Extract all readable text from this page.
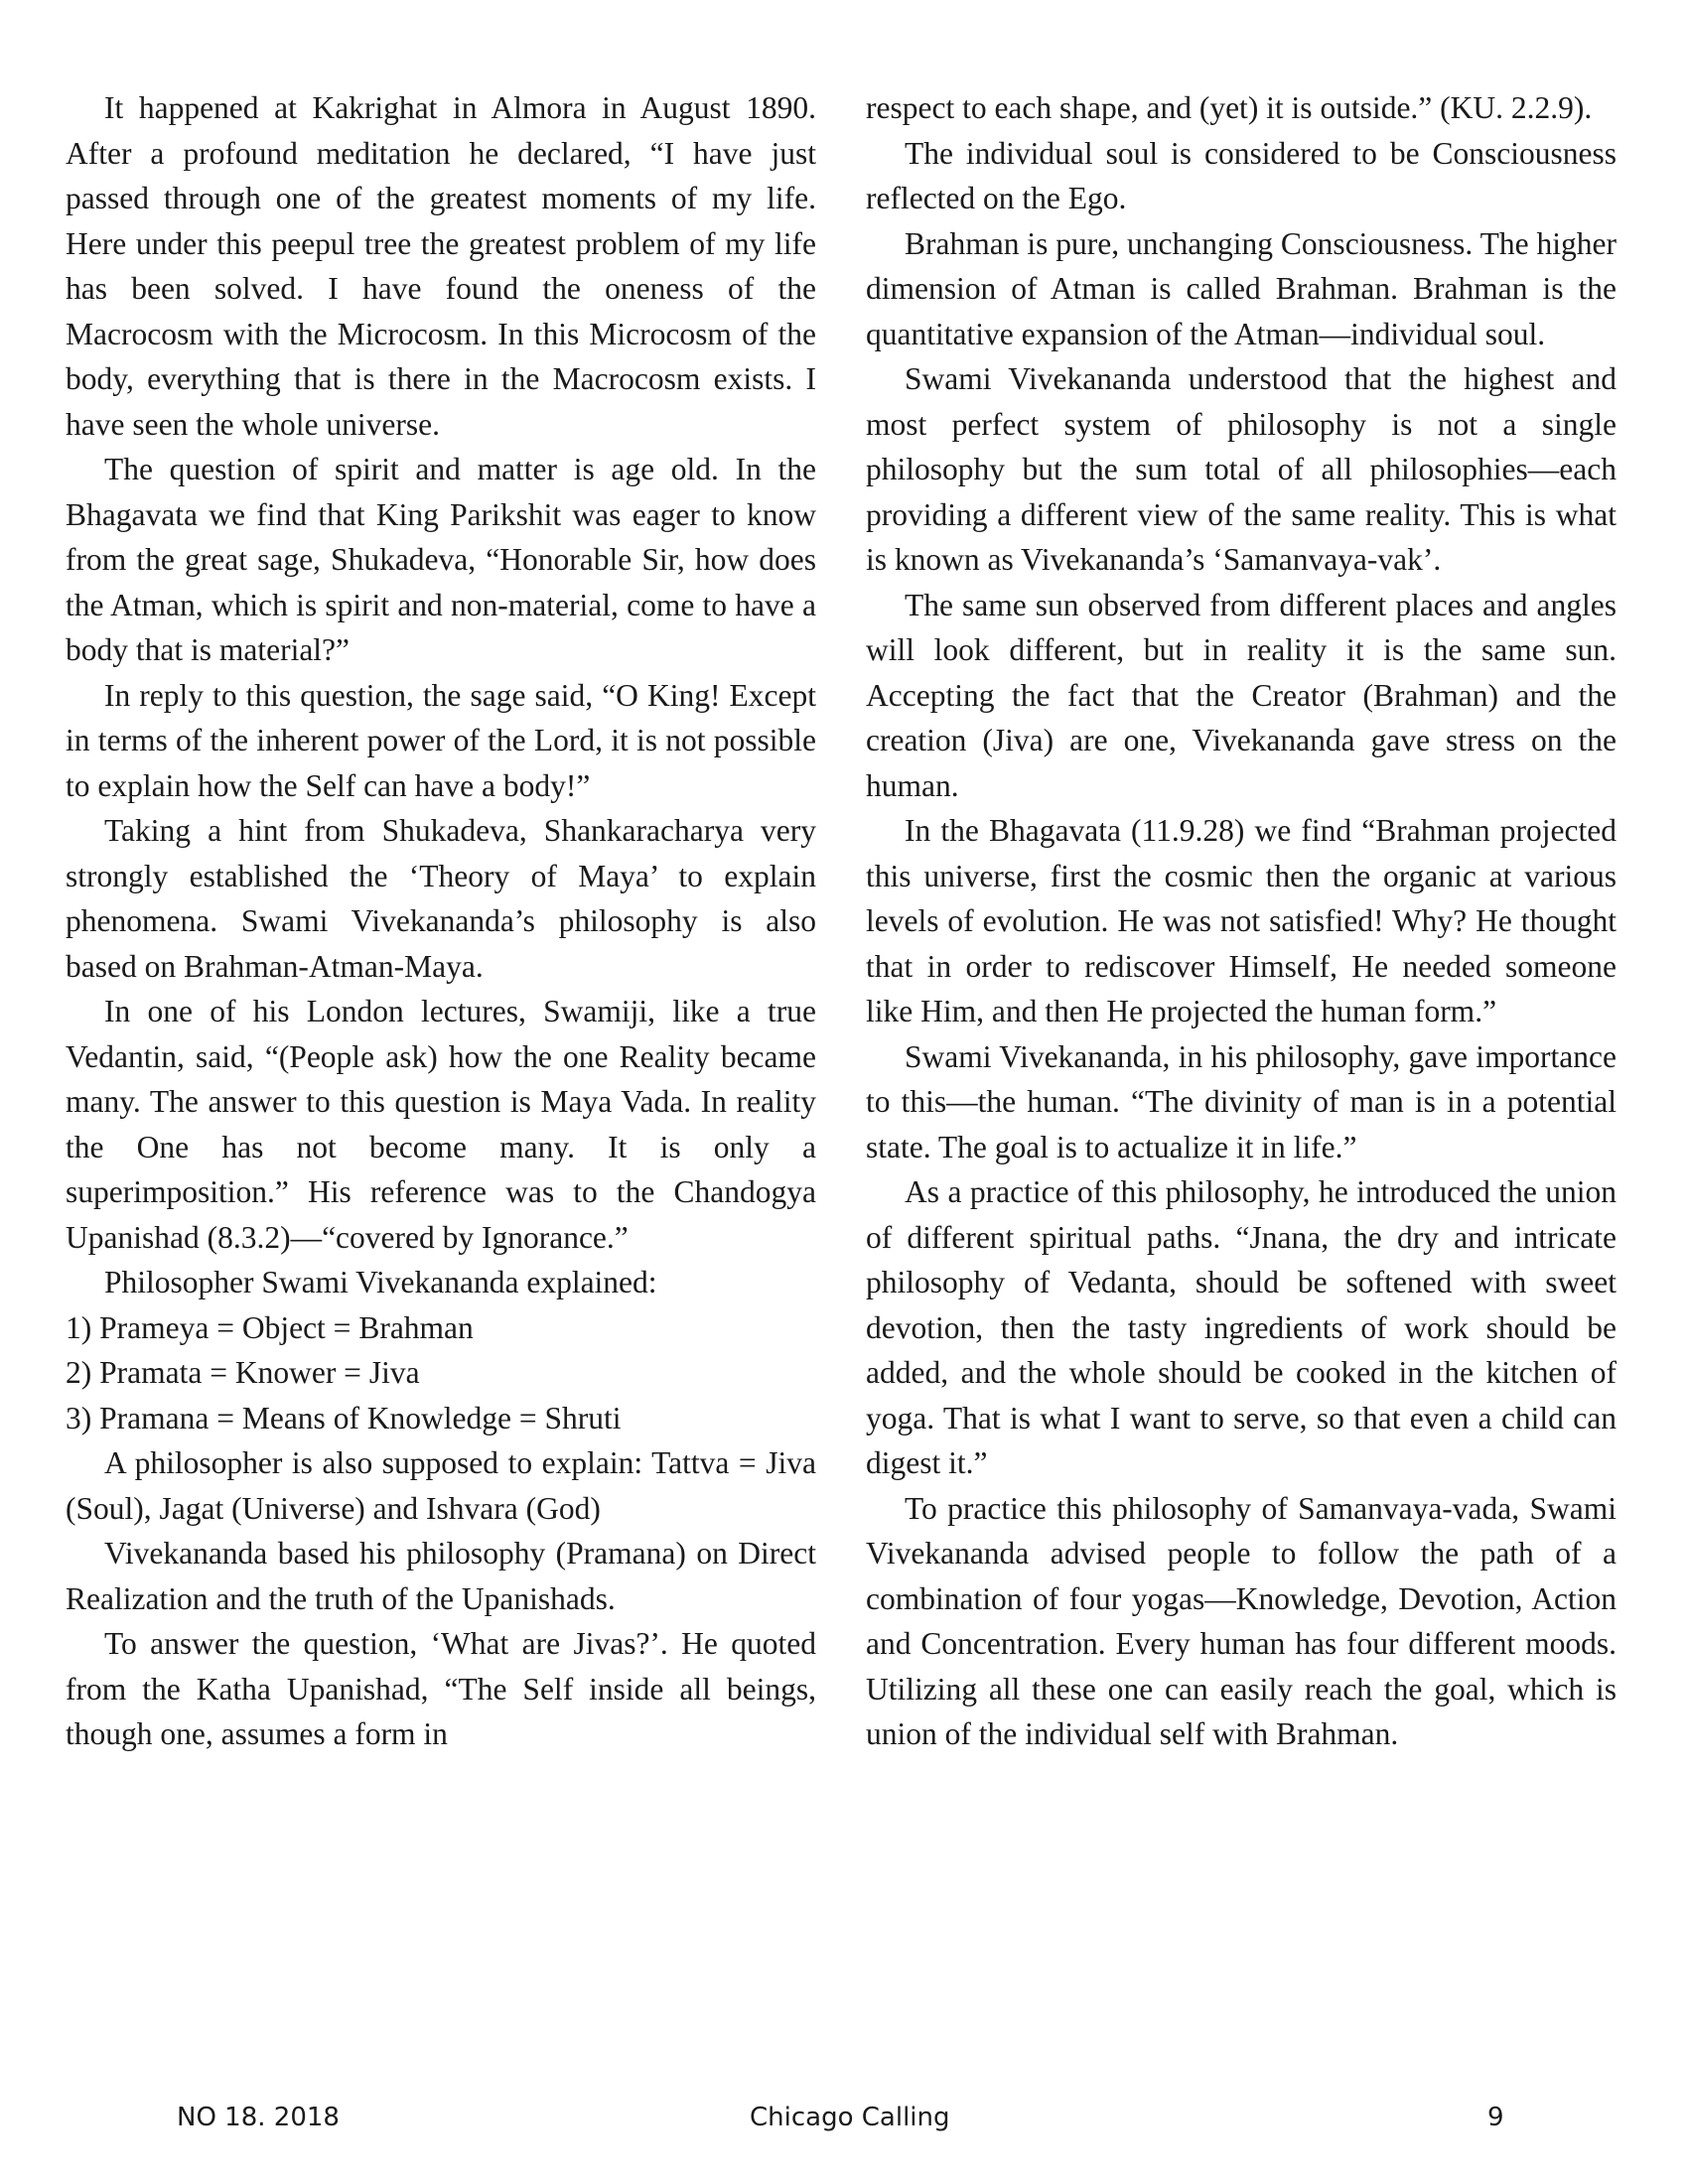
It happened at Kakrighat in Almora in August 1890. After a profound meditation he declared, “I have just passed through one of the greatest moments of my life. Here under this peepul tree the greatest problem of my life has been solved. I have found the oneness of the Macrocosm with the Microcosm. In this Microcosm of the body, everything that is there in the Macrocosm exists. I have seen the whole universe.

The question of spirit and matter is age old. In the Bhagavata we find that King Parikshit was eager to know from the great sage, Shukadeva, “Honorable Sir, how does the Atman, which is spirit and non-material, come to have a body that is material?”

In reply to this question, the sage said, “O King! Except in terms of the inherent power of the Lord, it is not possible to explain how the Self can have a body!”

Taking a hint from Shukadeva, Shankaracharya very strongly established the ‘Theory of Maya’ to explain phenomena. Swami Vivekananda’s philosophy is also based on Brahman-Atman-Maya.

In one of his London lectures, Swamiji, like a true Vedantin, said, “(People ask) how the one Reality became many. The answer to this question is Maya Vada. In reality the One has not become many. It is only a superimposition.” His reference was to the Chandogya Upanishad (8.3.2)—“covered by Ignorance.”

Philosopher Swami Vivekananda explained:

1) Prameya = Object = Brahman

2) Pramata = Knower = Jiva

3) Pramana = Means of Knowledge = Shruti

A philosopher is also supposed to explain: Tattva = Jiva (Soul), Jagat (Universe) and Ishvara (God)

Vivekananda based his philosophy (Pramana) on Direct Realization and the truth of the Upanishads.

To answer the question, ‘What are Jivas?’. He quoted from the Katha Upanishad, “The Self inside all beings, though one, assumes a form in

respect to each shape, and (yet) it is outside.” (KU. 2.2.9).

The individual soul is considered to be Consciousness reflected on the Ego.

Brahman is pure, unchanging Consciousness. The higher dimension of Atman is called Brahman. Brahman is the quantitative expansion of the Atman—individual soul.

Swami Vivekananda understood that the highest and most perfect system of philosophy is not a single philosophy but the sum total of all philosophies—each providing a different view of the same reality. This is what is known as Vivekananda’s ‘Samanvaya-vak’.

The same sun observed from different places and angles will look different, but in reality it is the same sun. Accepting the fact that the Creator (Brahman) and the creation (Jiva) are one, Vivekananda gave stress on the human.

In the Bhagavata (11.9.28) we find “Brahman projected this universe, first the cosmic then the organic at various levels of evolution. He was not satisfied! Why? He thought that in order to rediscover Himself, He needed someone like Him, and then He projected the human form.”

Swami Vivekananda, in his philosophy, gave importance to this—the human. “The divinity of man is in a potential state. The goal is to actualize it in life.”

As a practice of this philosophy, he introduced the union of different spiritual paths. “Jnana, the dry and intricate philosophy of Vedanta, should be softened with sweet devotion, then the tasty ingredients of work should be added, and the whole should be cooked in the kitchen of yoga. That is what I want to serve, so that even a child can digest it.”

To practice this philosophy of Samanvaya-vada, Swami Vivekananda advised people to follow the path of a combination of four yogas—Knowledge, Devotion, Action and Concentration. Every human has four different moods. Utilizing all these one can easily reach the goal, which is union of the individual self with Brahman.

NO 18. 2018	Chicago Calling	9
